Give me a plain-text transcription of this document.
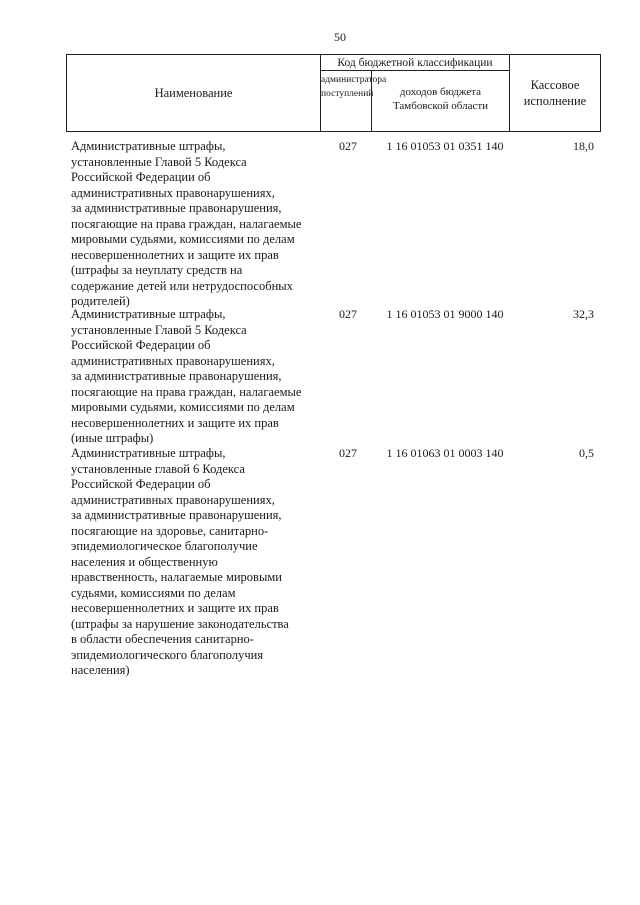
50
Наименование
Код бюджетной классификации
администратора
поступлений	доходов бюджета
Тамбовской области
Кассовое
исполнение
Административные штрафы,
установленные Главой 5 Кодекса
Российской Федерации об
административных правонарушениях,
за административные правонарушения,
посягающие на права граждан, налагаемые
мировыми судьями, комиссиями по делам
несовершеннолетних и защите их прав
(штрафы за неуплату средств на
содержание детей или нетрудоспособных
родителей)
027	1 16 01053 01 0351 140	18,0
Административные штрафы,
установленные Главой 5 Кодекса
Российской Федерации об
административных правонарушениях,
за административные правонарушения,
посягающие на права граждан, налагаемые
мировыми судьями, комиссиями по делам
несовершеннолетних и защите их прав
(иные штрафы)
027	1 16 01053 01 9000 140	32,3
Административные штрафы,
установленные главой 6 Кодекса
Российской Федерации об
административных правонарушениях,
за административные правонарушения,
посягающие на здоровье, санитарно-
эпидемиологическое благополучие
населения и общественную
нравственность, налагаемые мировыми
судьями, комиссиями по делам
несовершеннолетних и защите их прав
(штрафы за нарушение законодательства
в области обеспечения санитарно-
эпидемиологического благополучия
населения)
027	1 16 01063 01 0003 140	0,5
